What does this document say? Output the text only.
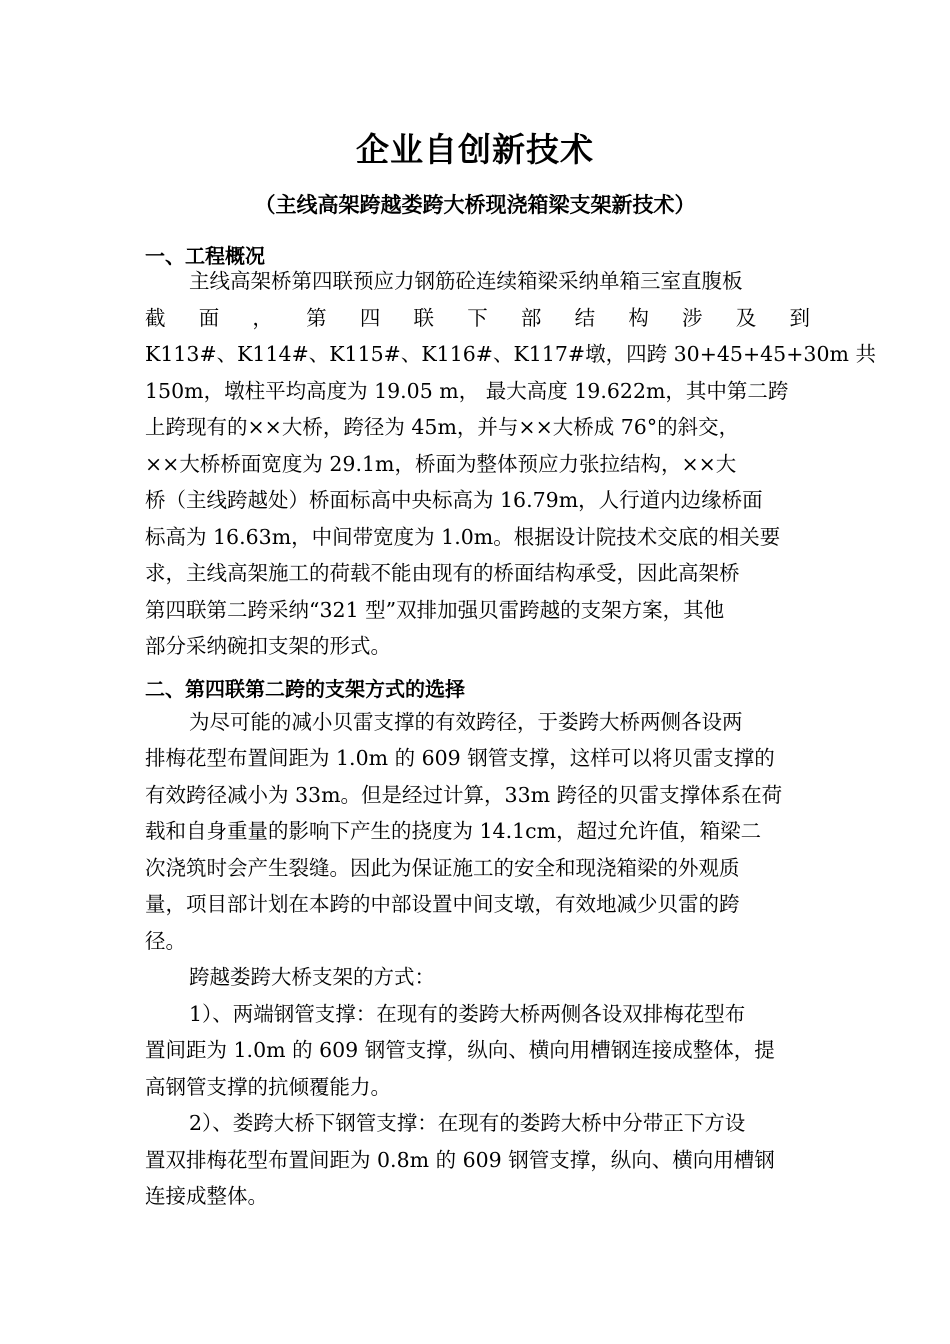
企业自创新技术
（主线高架跨越娄跨大桥现浇箱梁支架新技术）
一、工程概况
主线高架桥第四联预应力钢筋砼连续箱梁采纳单箱三室直腹板
截 面 ， 第 四 联 下 部 结 构 涉 及 到
K113#、K114#、K115#、K116#、K117#墩，四跨 30+45+45+30m 共
150m，墩柱平均高度为 19.05 m， 最大高度 19.622m，其中第二跨
上跨现有的××大桥，跨径为 45m，并与××大桥成 76°的斜交，
××大桥桥面宽度为 29.1m，桥面为整体预应力张拉结构，××大
桥（主线跨越处）桥面标高中央标高为 16.79m，人行道内边缘桥面
标高为 16.63m，中间带宽度为 1.0m。根据设计院技术交底的相关要
求，主线高架施工的荷载不能由现有的桥面结构承受，因此高架桥
第四联第二跨采纳“321 型”双排加强贝雷跨越的支架方案，其他
部分采纳碗扣支架的形式。
二、第四联第二跨的支架方式的选择
为尽可能的减小贝雷支撑的有效跨径，于娄跨大桥两侧各设两
排梅花型布置间距为 1.0m 的 609 钢管支撑，这样可以将贝雷支撑的
有效跨径减小为 33m。但是经过计算，33m 跨径的贝雷支撑体系在荷
载和自身重量的影响下产生的挠度为 14.1cm，超过允许值，箱梁二
次浇筑时会产生裂缝。因此为保证施工的安全和现浇箱梁的外观质
量，项目部计划在本跨的中部设置中间支墩，有效地减少贝雷的跨
径。
跨越娄跨大桥支架的方式：
1）、两端钢管支撑：在现有的娄跨大桥两侧各设双排梅花型布
置间距为 1.0m 的 609 钢管支撑，纵向、横向用槽钢连接成整体，提
高钢管支撑的抗倾覆能力。
2）、娄跨大桥下钢管支撑：在现有的娄跨大桥中分带正下方设
置双排梅花型布置间距为 0.8m 的 609 钢管支撑，纵向、横向用槽钢
连接成整体。
